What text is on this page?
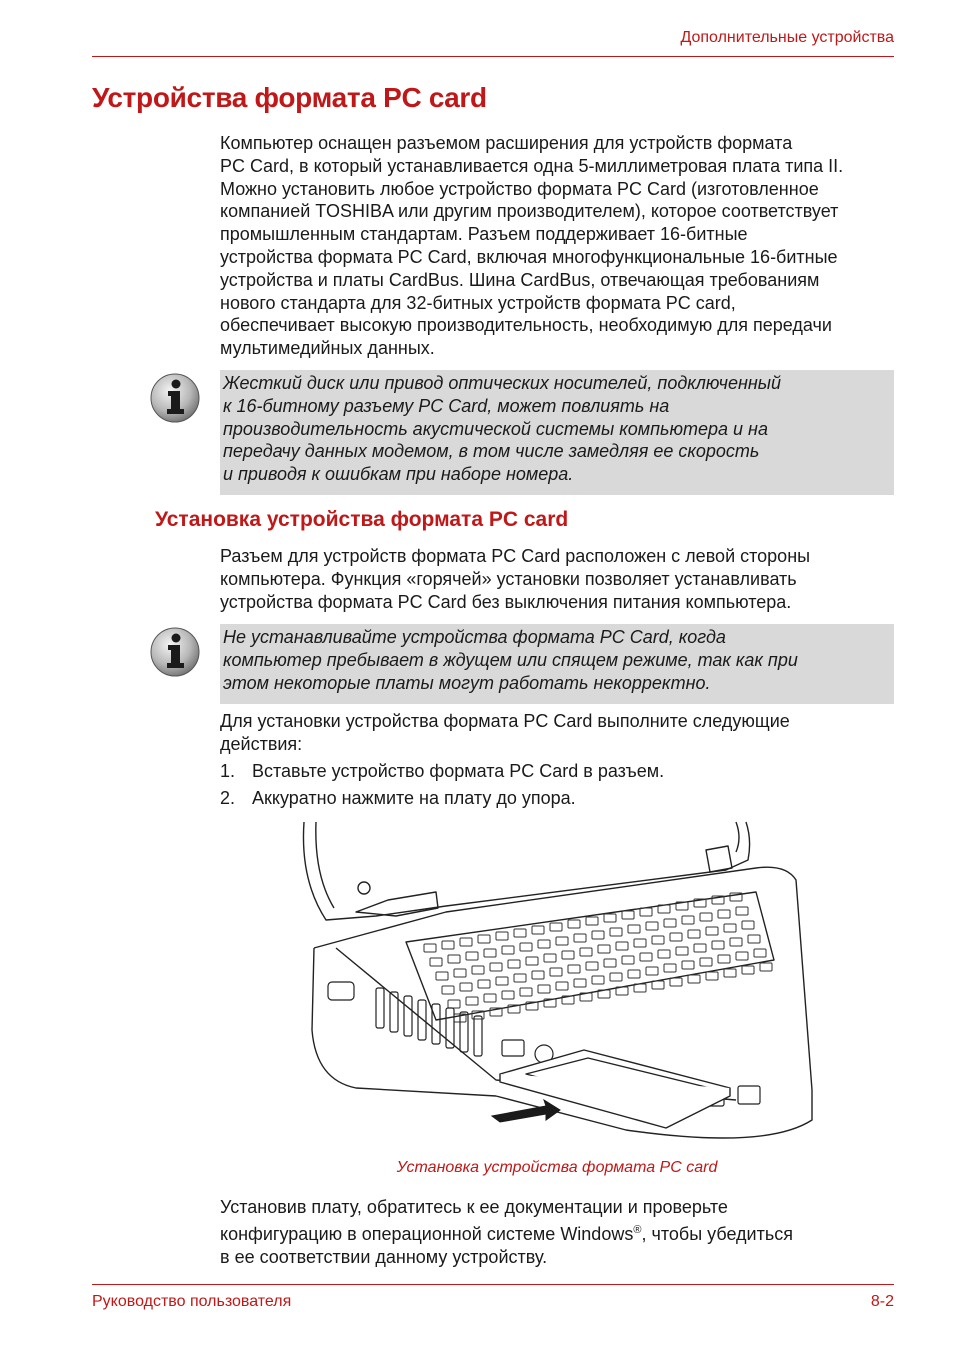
Дополнительные устройства
Устройства формата PC card
Компьютер оснащен разъемом расширения для устройств формата
PC Card, в который устанавливается одна 5-миллиметровая плата типа II.
Можно установить любое устройство формата PC Card (изготовленное
компанией TOSHIBA или другим производителем), которое соответствует
промышленным стандартам. Разъем поддерживает 16-битные
устройства формата PC Card, включая многофункциональные 16-битные
устройства и платы CardBus. Шина CardBus, отвечающая требованиям
нового стандарта для 32-битных устройств формата PC card,
обеспечивает высокую производительность, необходимую для передачи
мультимедийных данных.
Жесткий диск или привод оптических носителей, подключенный
к 16-битному разъему PC Card, может повлиять на
производительность акустической системы компьютера и на
передачу данных модемом, в том числе замедляя ее скорость
и приводя к ошибкам при наборе номера.
Установка устройства формата PC card
Разъем для устройств формата PC Card расположен с левой стороны
компьютера. Функция «горячей» установки позволяет устанавливать
устройства формата PC Card без выключения питания компьютера.
Не устанавливайте устройства формата PC Card, когда
компьютер пребывает в ждущем или спящем режиме, так как при
этом некоторые платы могут работать некорректно.
Для установки устройства формата PC Card выполните следующие
действия:
1. Вставьте устройство формата PC Card в разъем.
2. Аккуратно нажмите на плату до упора.
Установка устройства формата PC card
Установив плату, обратитесь к ее документации и проверьте
конфигурацию в операционной системе Windows®, чтобы убедиться
в ее соответствии данному устройству.
Руководство пользователя	8-2
